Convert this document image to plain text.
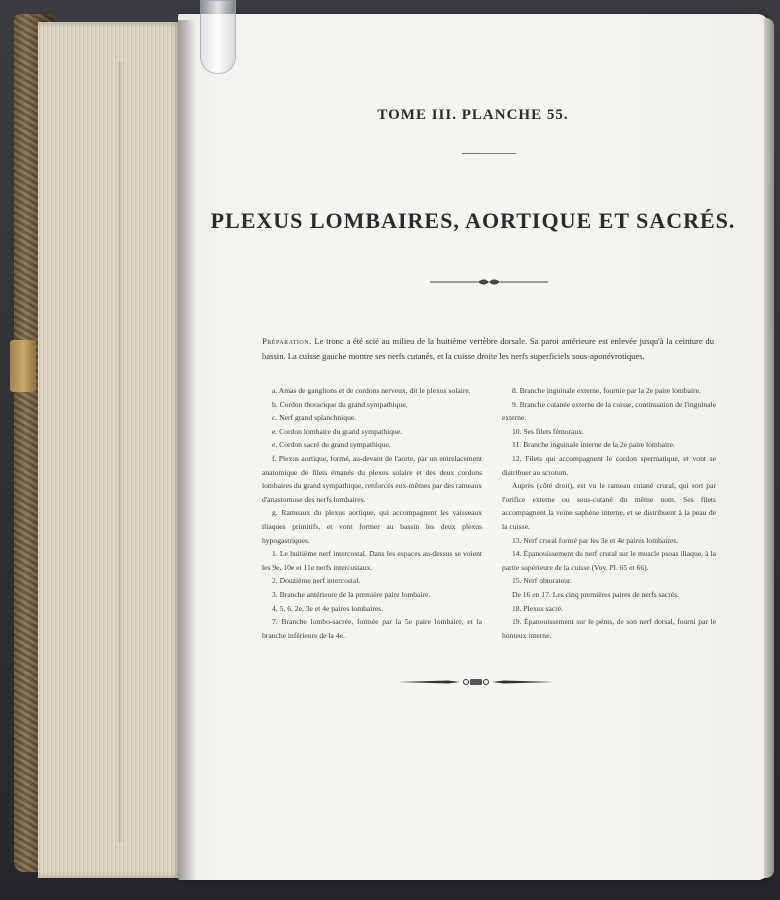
TOME III. PLANCHE 55.
PLEXUS LOMBAIRES, AORTIQUE ET SACRÉS.
Préparation. Le tronc a été scié au milieu de la huitième vertèbre dorsale. Sa paroi antérieure est enlevée jusqu'à la ceinture du bassin. La cuisse gauche montre ses nerfs cutanés, et la cuisse droite les nerfs superficiels sous-aponévrotiques.
a. Amas de ganglions et de cordons nerveux, dit le plexus solaire.
b. Cordon thoracique du grand sympathique.
c. Nerf grand splanchnique.
e. Cordon lombaire du grand sympathique.
e. Cordon sacré du grand sympathique.
f. Plexus aortique, formé, au-devant de l'aorte, par un entrelacement anatomique de filets émanés du plexus solaire et des deux cordons lombaires du grand sympathique, renforcés eux-mêmes par des rameaux d'anastomose des nerfs lombaires.
g. Rameaux du plexus aortique, qui accompagnent les vaisseaux iliaques primitifs, et vont former au bassin les deux plexus hypogastriques.
1. Le huitième nerf intercostal. Dans les espaces au-dessus se voient les 9e, 10e et 11e nerfs intercostaux.
2. Douzième nerf intercostal.
3. Branche antérieure de la première paire lombaire.
4, 5, 6. 2e, 3e et 4e paires lombaires.
7. Branche lombo-sacrée, formée par la 5e paire lombaire, et la branche inférieure de la 4e.
8. Branche inguinale externe, fournie par la 2e paire lombaire.
9. Branche cutanée externe de la cuisse, continuation de l'inguinale externe.
10. Ses filets fémoraux.
11. Branche inguinale interne de la 2e paire lombaire.
12. Filets qui accompagnent le cordon spermatique, et vont se distribuer au scrotum.
Auprès (côté droit), est vu le rameau cutané crural, qui sort par l'orifice externe ou sous-cutané du même nom. Ses filets accompagnent la veine saphène interne, et se distribuent à la peau de la cuisse.
13. Nerf crural formé par les 3e et 4e paires lombaires.
14. Épanouissement du nerf crural sur le muscle psoas iliaque, à la partie supérieure de la cuisse (Voy. Pl. 65 et 66).
15. Nerf obturateur.
De 16 en 17. Les cinq premières paires de nerfs sacrés.
18. Plexus sacré.
19. Épanouissement sur le pénis, de son nerf dorsal, fourni par le honteux interne.
